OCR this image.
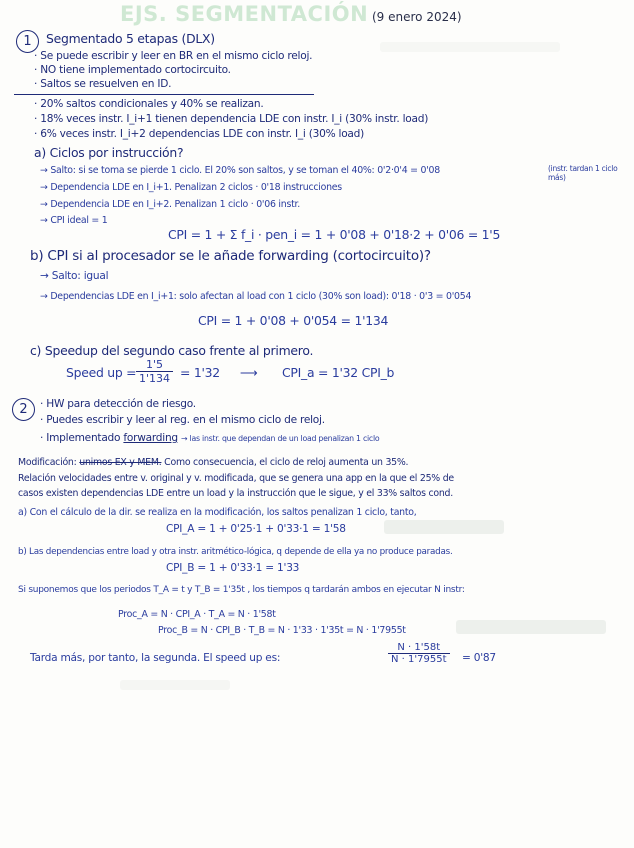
EJS. SEGMENTACIÓN (9 enero 2024)
1	Segmentado 5 etapas (DLX)
· Se puede escribir y leer en BR en el mismo ciclo reloj.
· NO tiene implementado cortocircuito.
· Saltos se resuelven en ID.
· 20% saltos condicionales y 40% se realizan.
· 18% veces instr. I_i+1 tienen dependencia LDE con instr. I_i (30% instr. load)
· 6% veces instr. I_i+2 dependencias LDE con instr. I_i (30% load)
a) Ciclos por instrucción?
→ Salto: si se toma se pierde 1 ciclo. El 20% son saltos, y se toman el 40%: 0'2·0'4 = 0'08	(instr. tardan 1 ciclo más)
→ Dependencia LDE en I_i+1. Penalizan 2 ciclos · 0'18 instrucciones
→ Dependencia LDE en I_i+2. Penalizan 1 ciclo · 0'06 instr.
→ CPI ideal = 1
CPI = 1 + Σ f_i · pen_i = 1 + 0'08 + 0'18·2 + 0'06 = 1'5
b) CPI si al procesador se le añade forwarding (cortocircuito)?
→ Salto: igual
→ Dependencias LDE en I_i+1: solo afectan al load con 1 ciclo (30% son load): 0'18 · 0'3 = 0'054
CPI = 1 + 0'08 + 0'054 = 1'134
c) Speedup del segundo caso frente al primero.
Speed up = $\frac{1'5}{1'134} = 1'32$ ⟶ CPI_a = 1'32 CPI_b
2	· HW para detección de riesgo.
· Puedes escribir y leer al reg. en el mismo ciclo de reloj.
· Implementado forwarding → las instr. que dependan de un load penalizan 1 ciclo
Modificación: unimos EX y MEM. Como consecuencia, el ciclo de reloj aumenta un 35%.
Relación velocidades entre v. original y v. modificada, que se genera una app en la que el 25% de
casos existen dependencias LDE entre un load y la instrucción que le sigue, y el 33% saltos cond.
a) Con el cálculo de la dir. se realiza en la modificación, los saltos penalizan 1 ciclo, tanto,
CPI_A = 1 + 0'25·1 + 0'33·1 = 1'58
b) Las dependencias entre load y otra instr. aritmético-lógica, q depende de ella ya no produce paradas.
CPI_B = 1 + 0'33·1 = 1'33
Si suponemos que los periodos T_A = t y T_B = 1'35t , los tiempos q tardarán ambos en ejecutar N instr:
Proc_A = N · CPI_A · T_A = N · 1'58t
Proc_B = N · CPI_B · T_B = N · 1'33 · 1'35t = N · 1'7955t
Tarda más, por tanto, la segunda. El speed up es:	$\frac{N \cdot 1'58t}{N \cdot 1'7955t} = 0'87$
